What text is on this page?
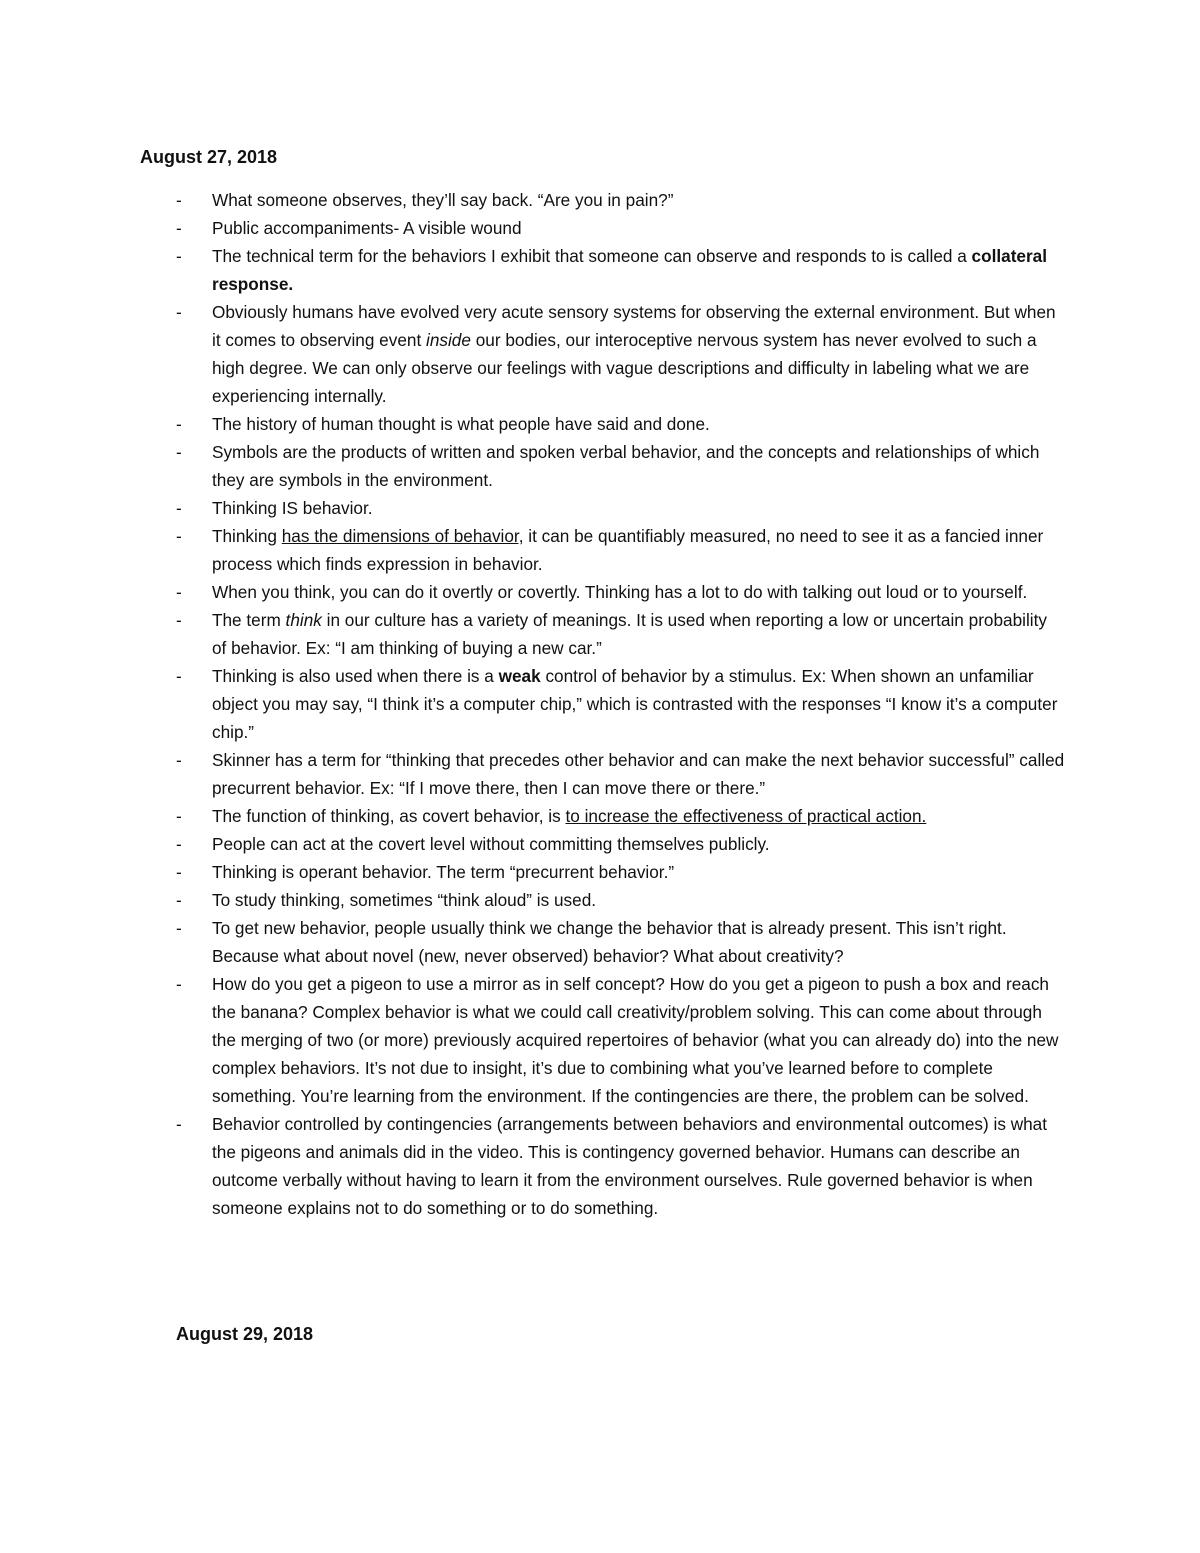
August 27, 2018

- What someone observes, they’ll say back. “Are you in pain?”
- Public accompaniments- A visible wound
- The technical term for the behaviors I exhibit that someone can observe and responds to is called a collateral response.
- Obviously humans have evolved very acute sensory systems for observing the external environment. But when it comes to observing event inside our bodies, our interoceptive nervous system has never evolved to such a high degree. We can only observe our feelings with vague descriptions and difficulty in labeling what we are experiencing internally.
- The history of human thought is what people have said and done.
- Symbols are the products of written and spoken verbal behavior, and the concepts and relationships of which they are symbols in the environment.
- Thinking IS behavior.
- Thinking has the dimensions of behavior, it can be quantifiably measured, no need to see it as a fancied inner process which finds expression in behavior.
- When you think, you can do it overtly or covertly. Thinking has a lot to do with talking out loud or to yourself.
- The term think in our culture has a variety of meanings. It is used when reporting a low or uncertain probability of behavior. Ex: “I am thinking of buying a new car.”
- Thinking is also used when there is a weak control of behavior by a stimulus. Ex: When shown an unfamiliar object you may say, “I think it’s a computer chip,” which is contrasted with the responses “I know it’s a computer chip.”
- Skinner has a term for “thinking that precedes other behavior and can make the next behavior successful” called precurrent behavior. Ex: “If I move there, then I can move there or there.”
- The function of thinking, as covert behavior, is to increase the effectiveness of practical action.
- People can act at the covert level without committing themselves publicly.
- Thinking is operant behavior. The term “precurrent behavior.”
- To study thinking, sometimes “think aloud” is used.
- To get new behavior, people usually think we change the behavior that is already present. This isn’t right. Because what about novel (new, never observed) behavior? What about creativity?
- How do you get a pigeon to use a mirror as in self concept? How do you get a pigeon to push a box and reach the banana? Complex behavior is what we could call creativity/problem solving. This can come about through the merging of two (or more) previously acquired repertoires of behavior (what you can already do) into the new complex behaviors. It’s not due to insight, it’s due to combining what you’ve learned before to complete something. You’re learning from the environment. If the contingencies are there, the problem can be solved.
- Behavior controlled by contingencies (arrangements between behaviors and environmental outcomes) is what the pigeons and animals did in the video. This is contingency governed behavior. Humans can describe an outcome verbally without having to learn it from the environment ourselves. Rule governed behavior is when someone explains not to do something or to do something.

August 29, 2018
